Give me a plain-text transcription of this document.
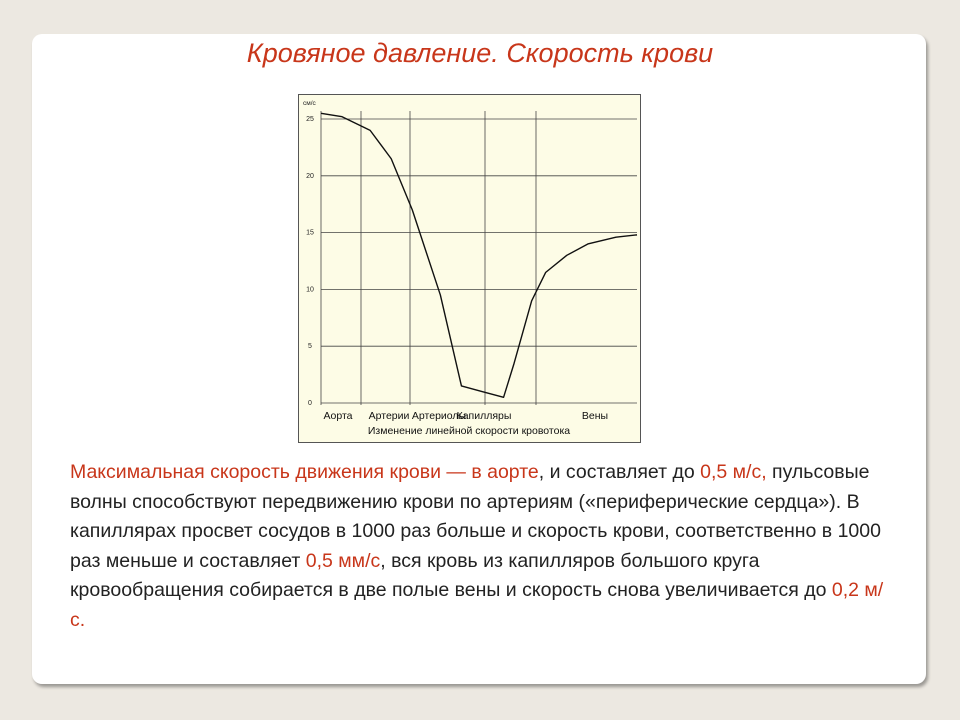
Кровяное давление. Скорость крови
0
5
10
15
20
25
см/с
Аорта Артерии Артериолы
Капилляры	Вены
Изменение линейной скорости кровотока

Максимальная скорость движения крови — в аорте, и составляет до 0,5 м/с, пульсовые волны способствуют передвижению крови по артериям («периферические сердца»). В капиллярах просвет сосудов в 1000 раз больше и скорость крови, соответственно в 1000 раз меньше и составляет 0,5 мм/с, вся кровь из капилляров большого круга кровообращения собирается в две полые вены и скорость снова увеличивается до 0,2 м/с.
